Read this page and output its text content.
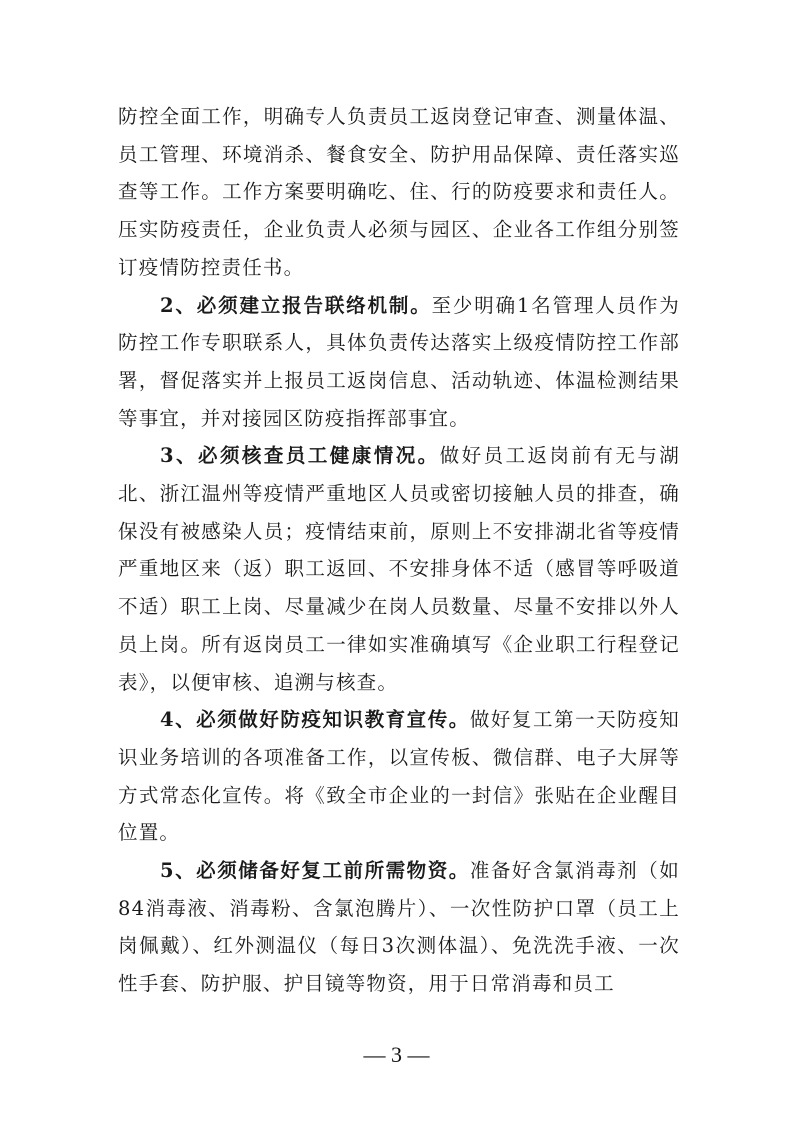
防控全面工作，明确专人负责员工返岗登记审查、测量体温、员工管理、环境消杀、餐食安全、防护用品保障、责任落实巡查等工作。工作方案要明确吃、住、行的防疫要求和责任人。压实防疫责任，企业负责人必须与园区、企业各工作组分别签订疫情防控责任书。

2、必须建立报告联络机制。至少明确1名管理人员作为防控工作专职联系人，具体负责传达落实上级疫情防控工作部署，督促落实并上报员工返岗信息、活动轨迹、体温检测结果等事宜，并对接园区防疫指挥部事宜。

3、必须核查员工健康情况。做好员工返岗前有无与湖北、浙江温州等疫情严重地区人员或密切接触人员的排查，确保没有被感染人员；疫情结束前，原则上不安排湖北省等疫情严重地区来（返）职工返回、不安排身体不适（感冒等呼吸道不适）职工上岗、尽量减少在岗人员数量、尽量不安排以外人员上岗。所有返岗员工一律如实准确填写《企业职工行程登记表》，以便审核、追溯与核查。

4、必须做好防疫知识教育宣传。做好复工第一天防疫知识业务培训的各项准备工作，以宣传板、微信群、电子大屏等方式常态化宣传。将《致全市企业的一封信》张贴在企业醒目位置。

5、必须储备好复工前所需物资。准备好含氯消毒剂（如84消毒液、消毒粉、含氯泡腾片）、一次性防护口罩（员工上岗佩戴）、红外测温仪（每日3次测体温）、免洗洗手液、一次性手套、防护服、护目镜等物资，用于日常消毒和员工

— 3 —
